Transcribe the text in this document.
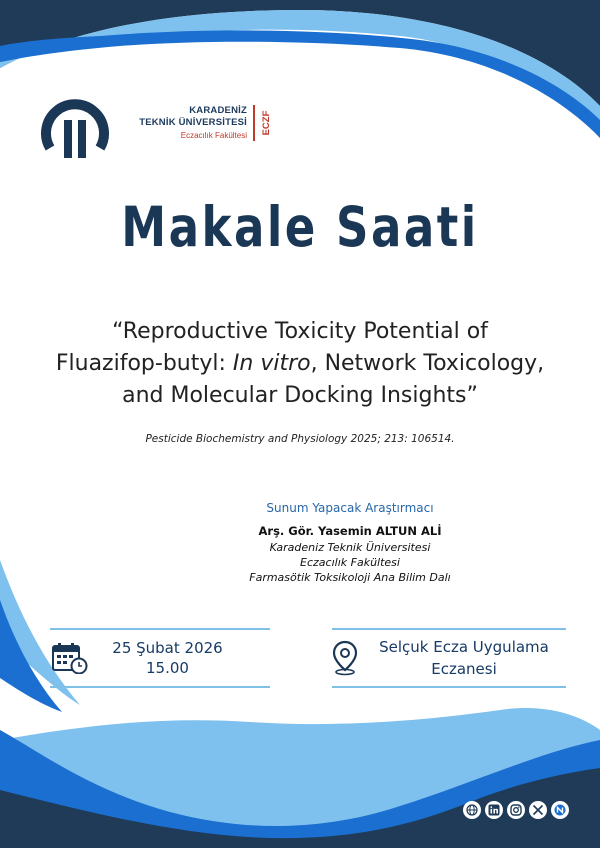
KARADENİZ
TEKNİK ÜNİVERSİTESİ
Eczacılık Fakültesi
ECZF
Makale Saati
“Reproductive Toxicity Potential of
Fluazifop-butyl: In vitro, Network Toxicology,
and Molecular Docking Insights”
Pesticide Biochemistry and Physiology 2025; 213: 106514.
Sunum Yapacak Araştırmacı
Arş. Gör. Yasemin ALTUN ALİ
Karadeniz Teknik Üniversitesi
Eczacılık Fakültesi
Farmasötik Toksikoloji Ana Bilim Dalı
25 Şubat 2026
15.00
Selçuk Ecza Uygulama
Eczanesi
